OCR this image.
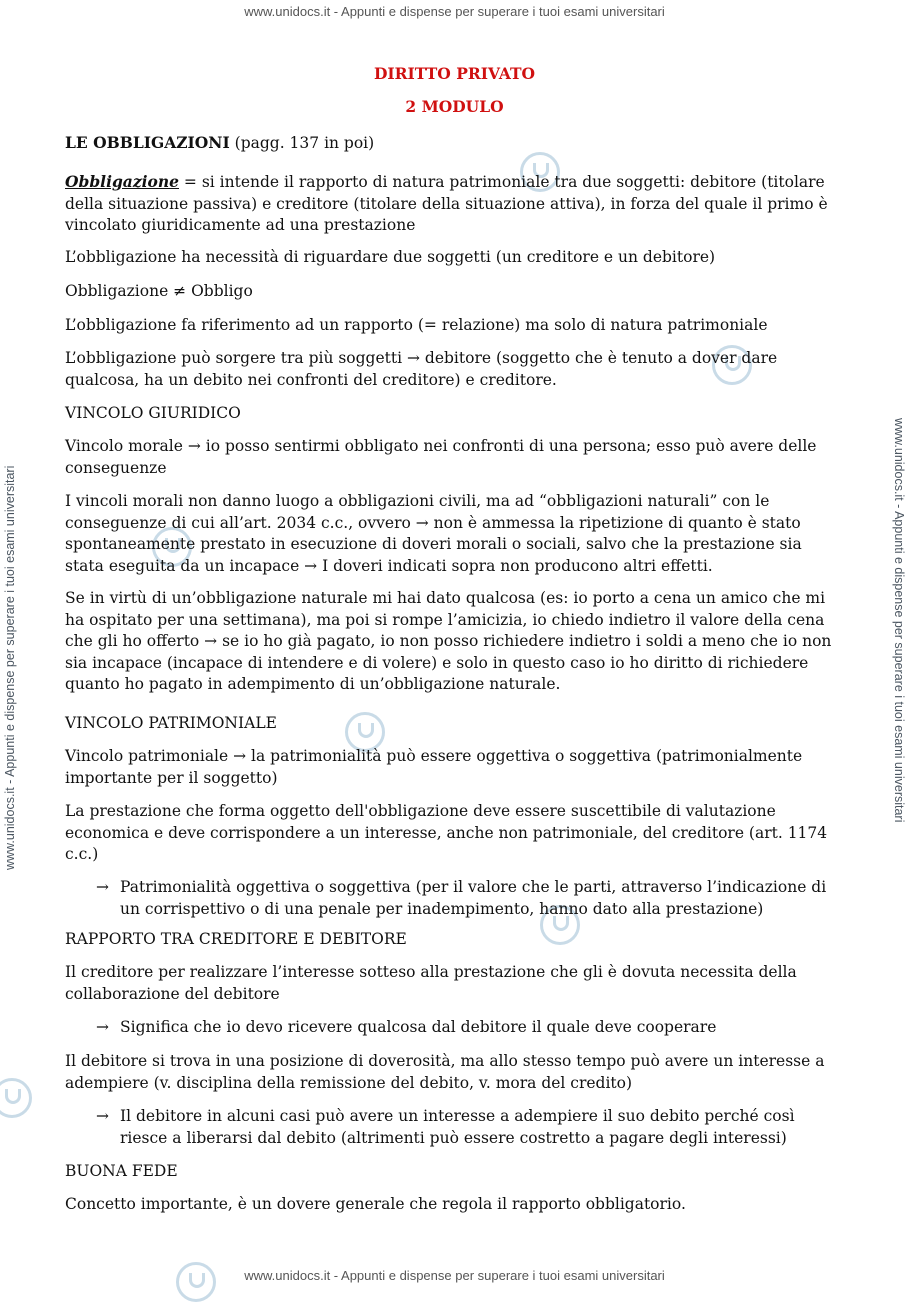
www.unidocs.it - Appunti e dispense per superare i tuoi esami universitari
www.unidocs.it - Appunti e dispense per superare i tuoi esami universitari
www.unidocs.it - Appunti e dispense per superare i tuoi esami universitari	www.unidocs.it - Appunti e dispense per superare i tuoi esami universitari
DIRITTO PRIVATO
2 MODULO
LE OBBLIGAZIONI (pagg. 137 in poi)
Obbligazione = si intende il rapporto di natura patrimoniale tra due soggetti: debitore (titolare della situazione passiva) e creditore (titolare della situazione attiva), in forza del quale il primo è vincolato giuridicamente ad una prestazione
L’obbligazione ha necessità di riguardare due soggetti (un creditore e un debitore)
Obbligazione ≠ Obbligo
L’obbligazione fa riferimento ad un rapporto (= relazione) ma solo di natura patrimoniale
L’obbligazione può sorgere tra più soggetti → debitore (soggetto che è tenuto a dover dare qualcosa, ha un debito nei confronti del creditore) e creditore.
VINCOLO GIURIDICO
Vincolo morale → io posso sentirmi obbligato nei confronti di una persona; esso può avere delle conseguenze
I vincoli morali non danno luogo a obbligazioni civili, ma ad “obbligazioni naturali” con le conseguenze di cui all’art. 2034 c.c., ovvero → non è ammessa la ripetizione di quanto è stato spontaneamente prestato in esecuzione di doveri morali o sociali, salvo che la prestazione sia stata eseguita da un incapace → I doveri indicati sopra non producono altri effetti.
Se in virtù di un’obbligazione naturale mi hai dato qualcosa (es: io porto a cena un amico che mi ha ospitato per una settimana), ma poi si rompe l’amicizia, io chiedo indietro il valore della cena che gli ho offerto → se io ho già pagato, io non posso richiedere indietro i soldi a meno che io non sia incapace (incapace di intendere e di volere) e solo in questo caso io ho diritto di richiedere quanto ho pagato in adempimento di un’obbligazione naturale.
VINCOLO PATRIMONIALE
Vincolo patrimoniale → la patrimonialità può essere oggettiva o soggettiva (patrimonialmente importante per il soggetto)
La prestazione che forma oggetto dell'obbligazione deve essere suscettibile di valutazione economica e deve corrispondere a un interesse, anche non patrimoniale, del creditore (art. 1174 c.c.)
→ Patrimonialità oggettiva o soggettiva (per il valore che le parti, attraverso l’indicazione di un corrispettivo o di una penale per inadempimento, hanno dato alla prestazione)
RAPPORTO TRA CREDITORE E DEBITORE
Il creditore per realizzare l’interesse sotteso alla prestazione che gli è dovuta necessita della collaborazione del debitore
→ Significa che io devo ricevere qualcosa dal debitore il quale deve cooperare
Il debitore si trova in una posizione di doverosità, ma allo stesso tempo può avere un interesse a adempiere (v. disciplina della remissione del debito, v. mora del credito)
→ Il debitore in alcuni casi può avere un interesse a adempiere il suo debito perché così riesce a liberarsi dal debito (altrimenti può essere costretto a pagare degli interessi)
BUONA FEDE
Concetto importante, è un dovere generale che regola il rapporto obbligatorio.
